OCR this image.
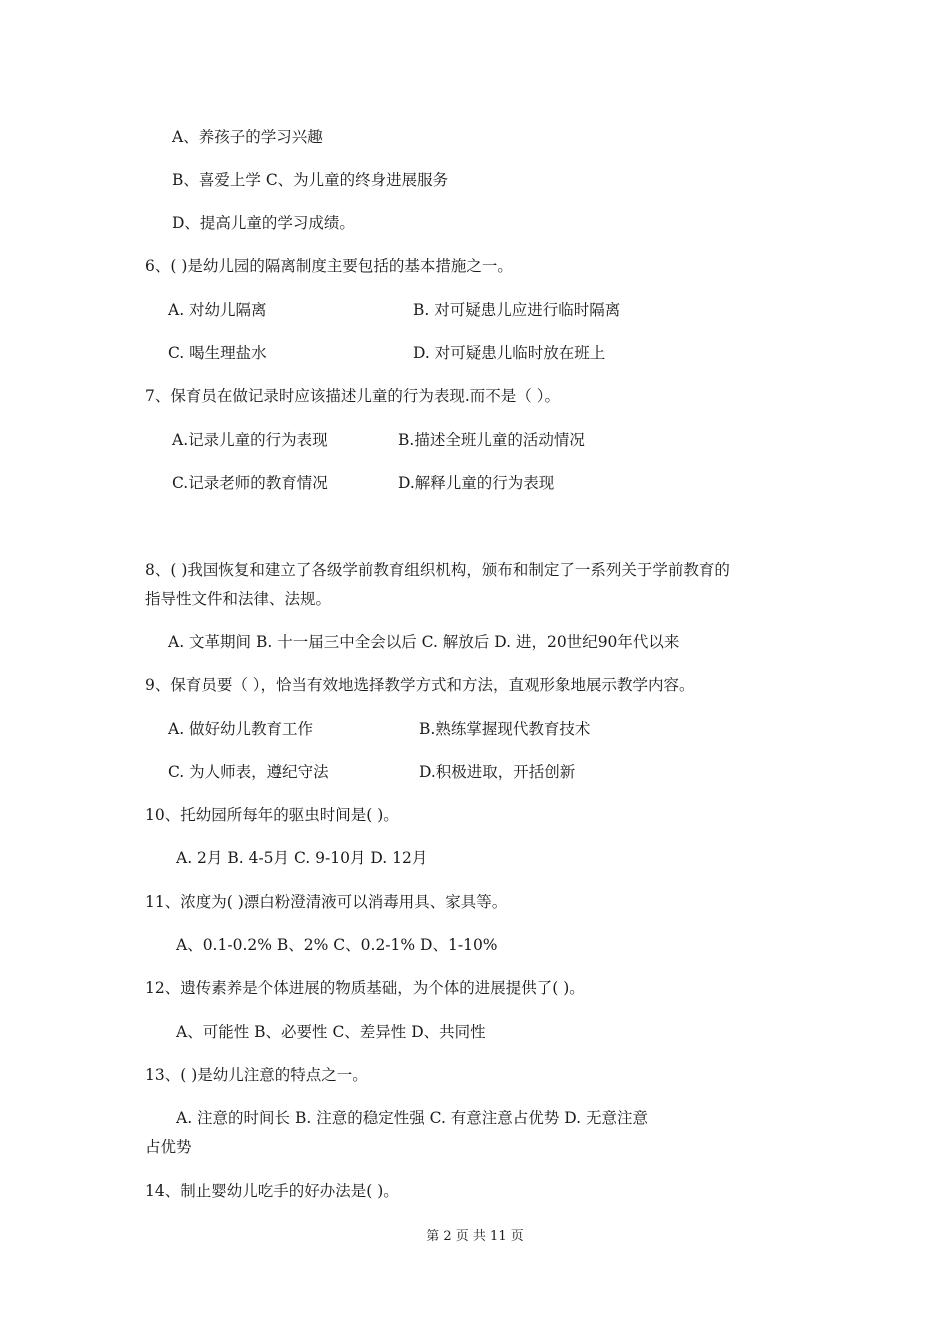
A、养孩子的学习兴趣
B、喜爱上学 C、为儿童的终身进展服务
D、提高儿童的学习成绩。
6、( )是幼儿园的隔离制度主要包括的基本措施之一。
A. 对幼儿隔离	B. 对可疑患儿应进行临时隔离
C. 喝生理盐水	D. 对可疑患儿临时放在班上
7、保育员在做记录时应该描述儿童的行为表现.而不是（ ）。
A.记录儿童的行为表现	B.描述全班儿童的活动情况
C.记录老师的教育情况	D.解释儿童的行为表现
8、( )我国恢复和建立了各级学前教育组织机构，颁布和制定了一系列关于学前教育的
指导性文件和法律、法规。
A. 文革期间 B. 十一届三中全会以后 C. 解放后 D. 进，20世纪90年代以来
9、保育员要（ ），恰当有效地选择教学方式和方法，直观形象地展示教学内容。
A. 做好幼儿教育工作	B.熟练掌握现代教育技术
C. 为人师表，遵纪守法	D.积极进取，开括创新
10、托幼园所每年的驱虫时间是( )。
A. 2月 B. 4-5月 C. 9-10月 D. 12月
11、浓度为( )漂白粉澄清液可以消毒用具、家具等。
A、0.1-0.2% B、2% C、0.2-1% D、1-10%
12、遗传素养是个体进展的物质基础，为个体的进展提供了( )。
A、可能性 B、必要性 C、差异性 D、共同性
13、( )是幼儿注意的特点之一。
A. 注意的时间长 B. 注意的稳定性强 C. 有意注意占优势 D. 无意注意
占优势
14、制止婴幼儿吃手的好办法是( )。
第 2 页 共 11 页
